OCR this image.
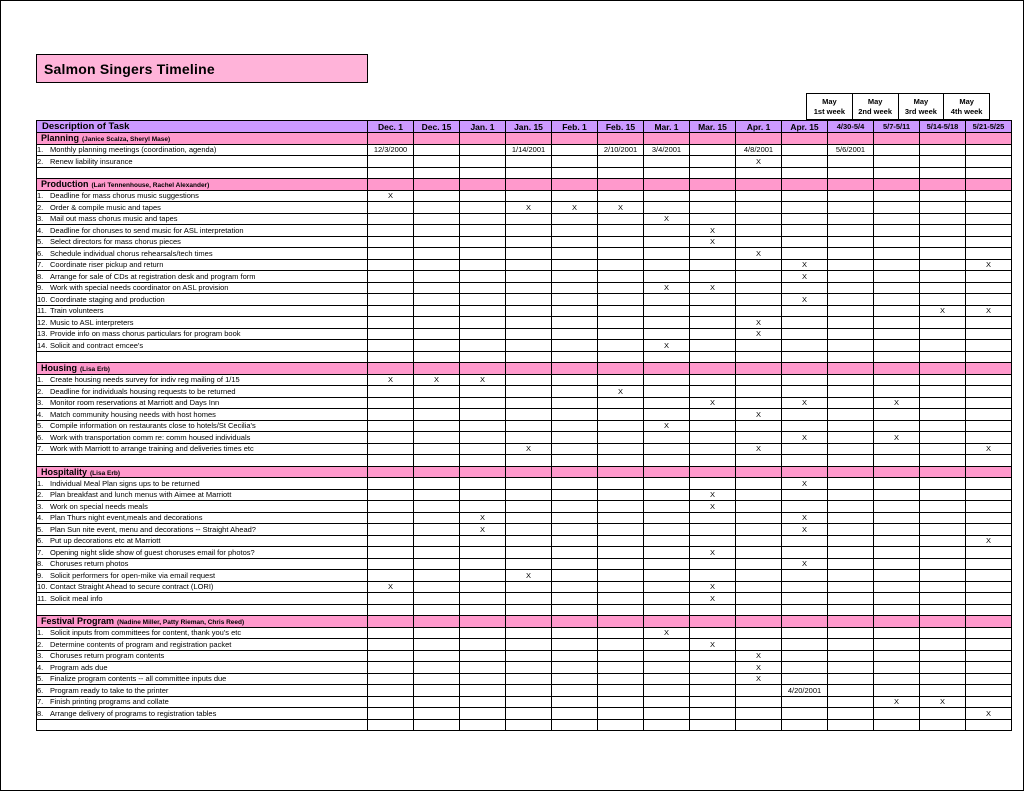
Salmon Singers Timeline
May
1st week
May
2nd week
May
3rd week
May
4th week
Description of Task	Dec. 1	Dec. 15	Jan. 1	Jan. 15	Feb. 1	Feb. 15	Mar. 1	Mar. 15	Apr. 1	Apr. 15	4/30-5/4	5/7-5/11	5/14-5/18	5/21-5/25
Planning (Janice Scalza, Sheryl Mase)														
1. Monthly planning meetings (coordination, agenda)	12/3/2000			1/14/2001		2/10/2001	3/4/2001		4/8/2001		5/6/2001			
2. Renew liability insurance									X					

Production (Lari Tennenhouse, Rachel Alexander)														
1. Deadline for mass chorus music suggestions	X													
2. Order & compile music and tapes				X	X	X								
3. Mail out mass chorus music and tapes							X							
4. Deadline for choruses to send music for ASL interpretation								X						
5. Select directors for mass chorus pieces								X						
6. Schedule individual chorus rehearsals/tech times									X					
7. Coordinate riser pickup and return										X				X
8. Arrange for sale of CDs at registration desk and program form										X				
9. Work with special needs coordinator on ASL provision							X	X						
10. Coordinate staging and production										X				
11. Train volunteers													X	X
12. Music to ASL interpreters									X					
13. Provide info on mass chorus particulars for program book									X					
14. Solicit and contract emcee's							X							

Housing (Lisa Erb)														
1. Create housing needs survey for indiv reg mailing of 1/15	X	X	X											
2. Deadline for individuals housing requests to be returned						X								
3. Monitor room reservations at Marriott and Days Inn								X		X		X		
4. Match community housing needs with host homes									X					
5. Compile information on restaurants close to hotels/St Cecilia's							X							
6. Work with transportation comm re: comm housed individuals										X		X		
7. Work with Marriott to arrange training and deliveries times etc				X					X					X

Hospitality (Lisa Erb)														
1. Individual Meal Plan signs ups to be returned										X				
2. Plan breakfast and lunch menus with Aimee at Marriott								X						
3. Work on special needs meals								X						
4. Plan Thurs night event,meals and decorations			X							X				
5. Plan Sun nite event, menu and decorations -- Straight Ahead?			X							X				
6. Put up decorations etc at Marriott														X
7. Opening night slide show of guest choruses email for photos?								X						
8. Choruses return photos										X				
9. Solicit performers for open-mike via email request				X										
10. Contact Straight Ahead to secure contract (LORI)	X							X						
11. Solicit meal info								X						

Festival Program (Nadine Miller, Patty Rieman, Chris Reed)														
1. Solicit inputs from committees for content, thank you's etc							X							
2. Determine contents of program and registration packet								X						
3. Choruses return program contents									X					
4. Program ads due									X					
5. Finalize program contents -- all committee inputs due									X					
6. Program ready to take to the printer										4/20/2001				
7. Finish printing programs and collate												X	X	
8. Arrange delivery of programs to registration tables														X
